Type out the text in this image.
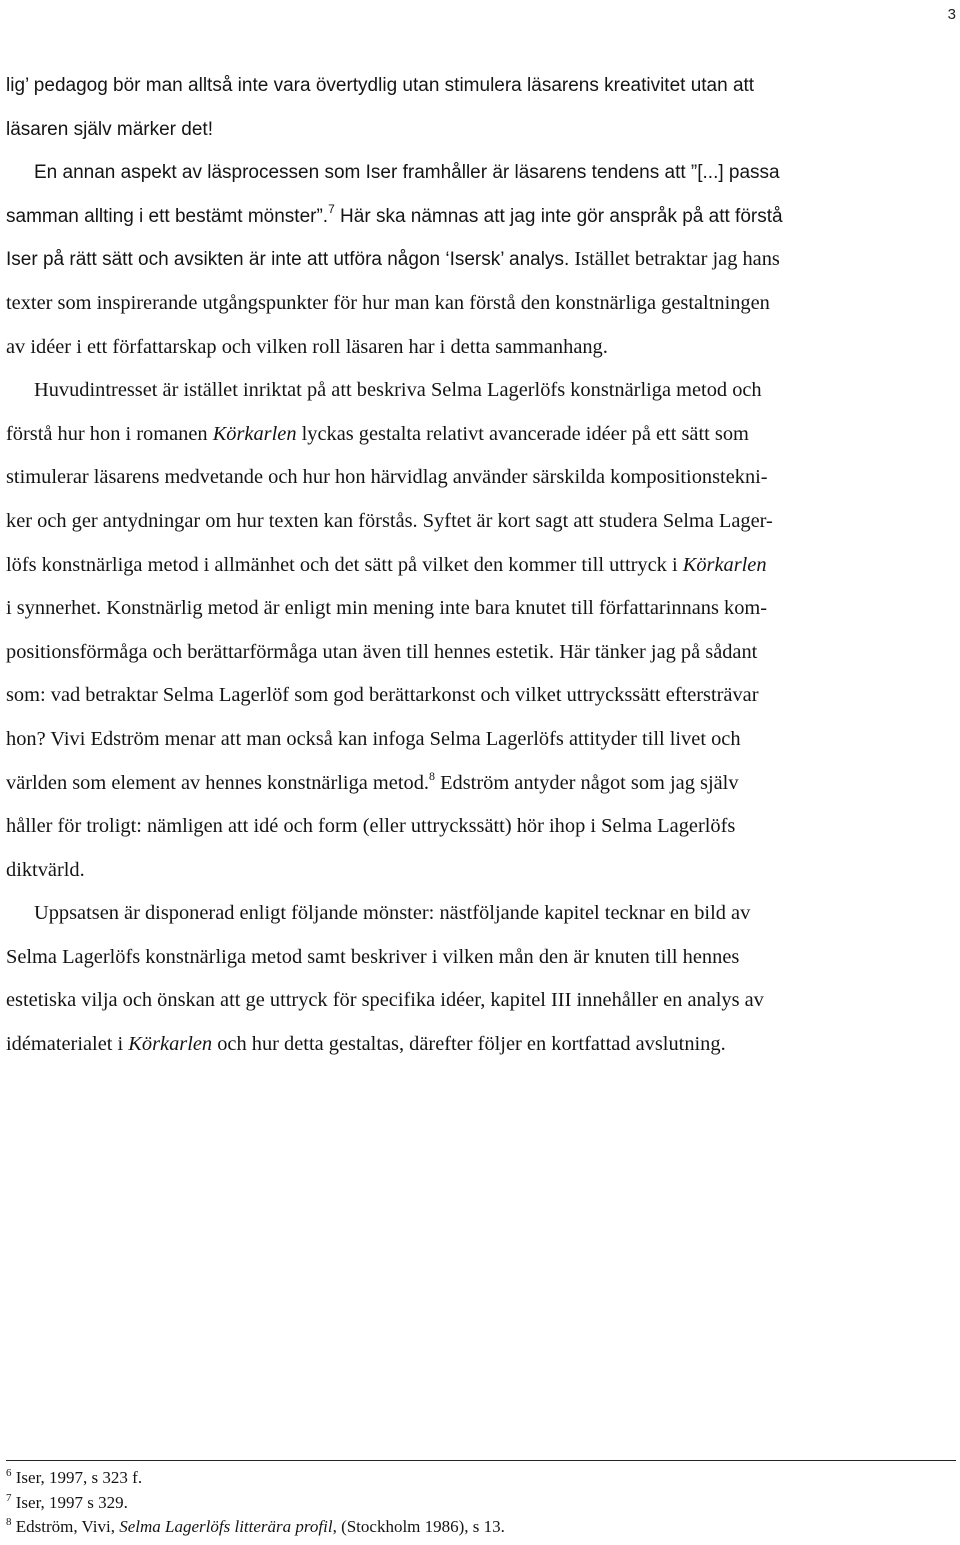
3
lig’ pedagog bör man alltså inte vara övertydlig utan stimulera läsarens kreativitet utan att
läsaren själv märker det!
En annan aspekt av läsprocessen som Iser framhåller är läsarens tendens att ”[...] passa
samman allting i ett bestämt mönster”.$^7$ Här ska nämnas att jag inte gör anspråk på att förstå
Iser på rätt sätt och avsikten är inte att utföra någon ‘Isersk’ analys. Istället betraktar jag hans
texter som inspirerande utgångspunkter för hur man kan förstå den konstnärliga gestaltningen
av idéer i ett författarskap och vilken roll läsaren har i detta sammanhang.
Huvudintresset är istället inriktat på att beskriva Selma Lagerlöfs konstnärliga metod och
förstå hur hon i romanen Körkarlen lyckas gestalta relativt avancerade idéer på ett sätt som
stimulerar läsarens medvetande och hur hon härvidlag använder särskilda kompositionstekni-
ker och ger antydningar om hur texten kan förstås. Syftet är kort sagt att studera Selma Lager-
löfs konstnärliga metod i allmänhet och det sätt på vilket den kommer till uttryck i Körkarlen
i synnerhet. Konstnärlig metod är enligt min mening inte bara knutet till författarinnans kom-
positionsförmåga och berättarförmåga utan även till hennes estetik. Här tänker jag på sådant
som: vad betraktar Selma Lagerlöf som god berättarkonst och vilket uttryckssätt eftersträvar
hon? Vivi Edström menar att man också kan infoga Selma Lagerlöfs attityder till livet och
världen som element av hennes konstnärliga metod.$^8$ Edström antyder något som jag själv
håller för troligt: nämligen att idé och form (eller uttryckssätt) hör ihop i Selma Lagerlöfs
diktvärld.
Uppsatsen är disponerad enligt följande mönster: nästföljande kapitel tecknar en bild av
Selma Lagerlöfs konstnärliga metod samt beskriver i vilken mån den är knuten till hennes
estetiska vilja och önskan att ge uttryck för specifika idéer, kapitel III innehåller en analys av
idématerialet i Körkarlen och hur detta gestaltas, därefter följer en kortfattad avslutning.
$^6$ Iser, 1997, s 323 f.
$^7$ Iser, 1997 s 329.
$^8$ Edström, Vivi, Selma Lagerlöfs litterära profil, (Stockholm 1986), s 13.
